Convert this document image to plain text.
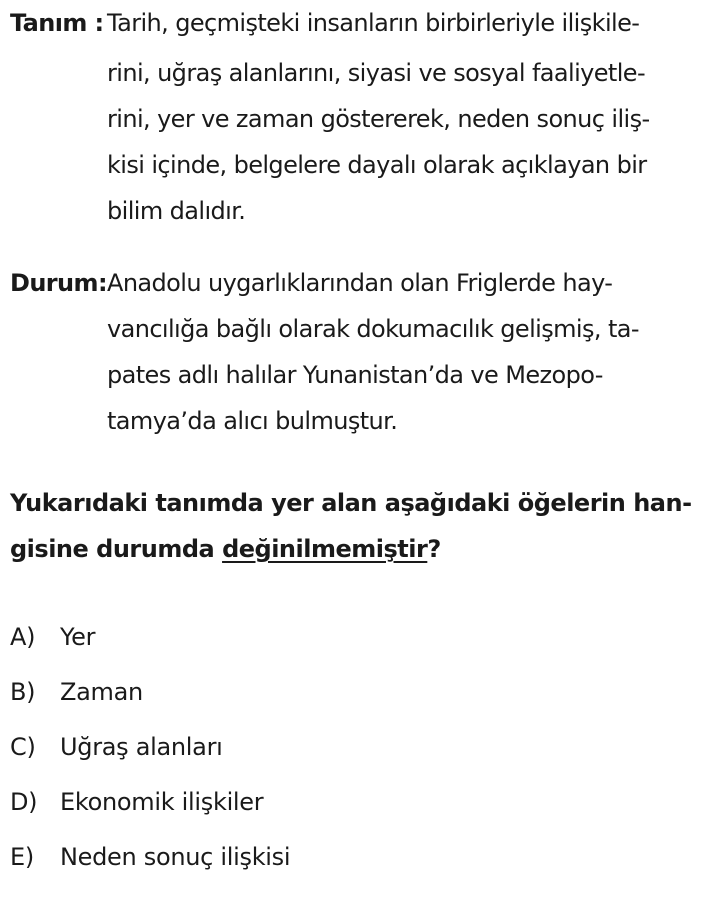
Tanım : Tarih, geçmişteki insanların birbirleriyle ilişkile-
rini, uğraş alanlarını, siyasi ve sosyal faaliyetle-
rini, yer ve zaman göstererek, neden sonuç iliş-
kisi içinde, belgelere dayalı olarak açıklayan bir
bilim dalıdır.
Durum: Anadolu uygarlıklarından olan Friglerde hay-
vancılığa bağlı olarak dokumacılık gelişmiş, ta-
pates adlı halılar Yunanistan’da ve Mezopo-
tamya’da alıcı bulmuştur.
Yukarıdaki tanımda yer alan aşağıdaki öğelerin han-
gisine durumda değinilmemiştir?
A) Yer
B) Zaman
C) Uğraş alanları
D) Ekonomik ilişkiler
E) Neden sonuç ilişkisi
